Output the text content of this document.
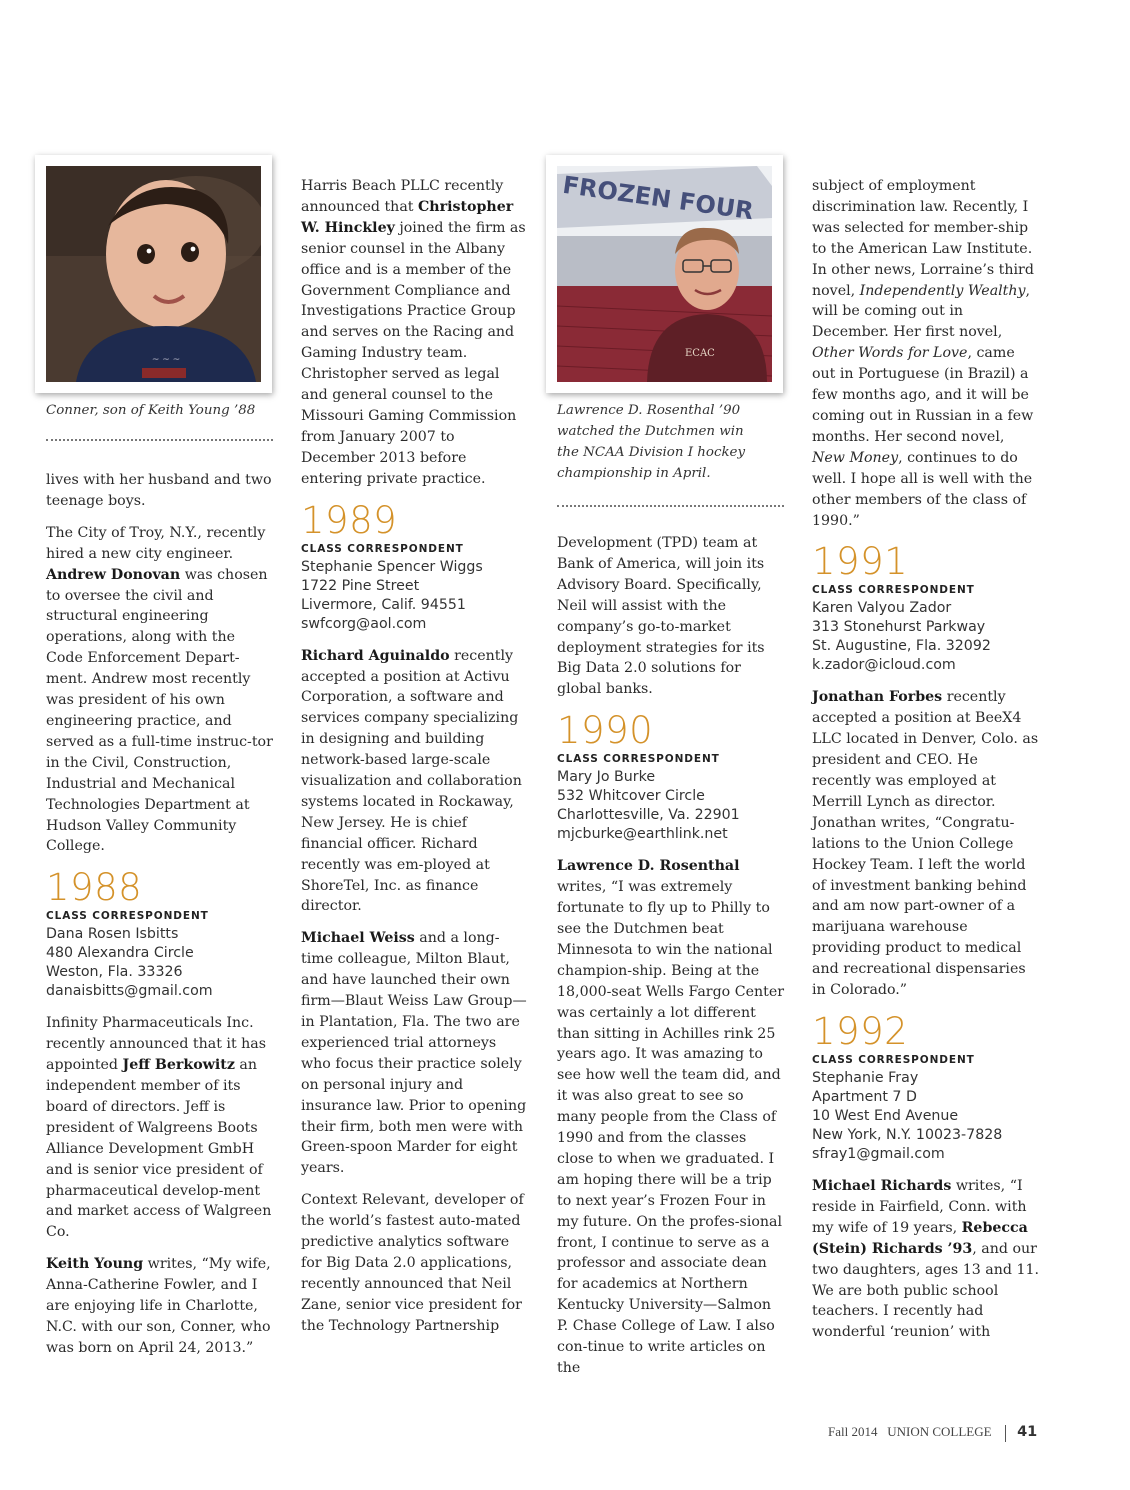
~ ~ ~
Conner, son of Keith Young ’88
FROZEN FOUR
ECAC
Lawrence D. Rosenthal ’90
watched the Dutchmen win
the NCAA Division I hockey
championship in April.

lives with her husband and two teenage boys.

The City of Troy, N.Y., recently hired a new city engineer. Andrew Donovan was chosen to oversee the civil and structural engineering operations, along with the Code Enforcement Depart-ment. Andrew most recently was president of his own engineering practice, and served as a full-time instruc-tor in the Civil, Construction, Industrial and Mechanical Technologies Department at Hudson Valley Community College.

1988
CLASS CORRESPONDENT
Dana Rosen Isbitts
480 Alexandra Circle
Weston, Fla. 33326
danaisbitts@gmail.com

Infinity Pharmaceuticals Inc. recently announced that it has appointed Jeff Berkowitz an independent member of its board of directors. Jeff is president of Walgreens Boots Alliance Development GmbH and is senior vice president of pharmaceutical develop-ment and market access of Walgreen Co.

Keith Young writes, “My wife, Anna-Catherine Fowler, and I are enjoying life in Charlotte, N.C. with our son, Conner, who was born on April 24, 2013.”

Harris Beach PLLC recently announced that Christopher W. Hinckley joined the firm as senior counsel in the Albany office and is a member of the Government Compliance and Investigations Practice Group and serves on the Racing and Gaming Industry team. Christopher served as legal and general counsel to the Missouri Gaming Commission from January 2007 to December 2013 before entering private practice.

1989
CLASS CORRESPONDENT
Stephanie Spencer Wiggs
1722 Pine Street
Livermore, Calif. 94551
swfcorg@aol.com

Richard Aguinaldo recently accepted a position at Activu Corporation, a software and services company specializing in designing and building network-based large-scale visualization and collaboration systems located in Rockaway, New Jersey. He is chief financial officer. Richard recently was em-ployed at ShoreTel, Inc. as finance director.

Michael Weiss and a long-time colleague, Milton Blaut, and have launched their own firm—Blaut Weiss Law Group—in Plantation, Fla. The two are experienced trial attorneys who focus their practice solely on personal injury and insurance law. Prior to opening their firm, both men were with Green-spoon Marder for eight years.

Context Relevant, developer of the world’s fastest auto-mated predictive analytics software for Big Data 2.0 applications, recently announced that Neil Zane, senior vice president for the Technology Partnership

Development (TPD) team at Bank of America, will join its Advisory Board. Specifically, Neil will assist with the company’s go-to-market deployment strategies for its Big Data 2.0 solutions for global banks.

1990
CLASS CORRESPONDENT
Mary Jo Burke
532 Whitcover Circle
Charlottesville, Va. 22901
mjcburke@earthlink.net

Lawrence D. Rosenthal writes, “I was extremely fortunate to fly up to Philly to see the Dutchmen beat Minnesota to win the national champion-ship. Being at the 18,000-seat Wells Fargo Center was certainly a lot different than sitting in Achilles rink 25 years ago. It was amazing to see how well the team did, and it was also great to see so many people from the Class of 1990 and from the classes close to when we graduated. I am hoping there will be a trip to next year’s Frozen Four in my future. On the profes-sional front, I continue to serve as a professor and associate dean for academics at Northern Kentucky University—Salmon P. Chase College of Law. I also con-tinue to write articles on the

subject of employment discrimination law. Recently, I was selected for member-ship to the American Law Institute. In other news, Lorraine’s third novel, Independently Wealthy, will be coming out in December. Her first novel, Other Words for Love, came out in Portuguese (in Brazil) a few months ago, and it will be coming out in Russian in a few months. Her second novel, New Money, continues to do well. I hope all is well with the other members of the class of 1990.”

1991
CLASS CORRESPONDENT
Karen Valyou Zador
313 Stonehurst Parkway
St. Augustine, Fla. 32092
k.zador@icloud.com

Jonathan Forbes recently accepted a position at BeeX4 LLC located in Denver, Colo. as president and CEO. He recently was employed at Merrill Lynch as director. Jonathan writes, “Congratu-lations to the Union College Hockey Team. I left the world of investment banking behind and am now part-owner of a marijuana warehouse providing product to medical and recreational dispensaries in Colorado.”

1992
CLASS CORRESPONDENT
Stephanie Fray
Apartment 7 D
10 West End Avenue
New York, N.Y. 10023-7828
sfray1@gmail.com

Michael Richards writes, “I reside in Fairfield, Conn. with my wife of 19 years, Rebecca (Stein) Richards ’93, and our two daughters, ages 13 and 11. We are both public school teachers. I recently had wonderful ‘reunion’ with

Fall 2014 UNION COLLEGE 41
